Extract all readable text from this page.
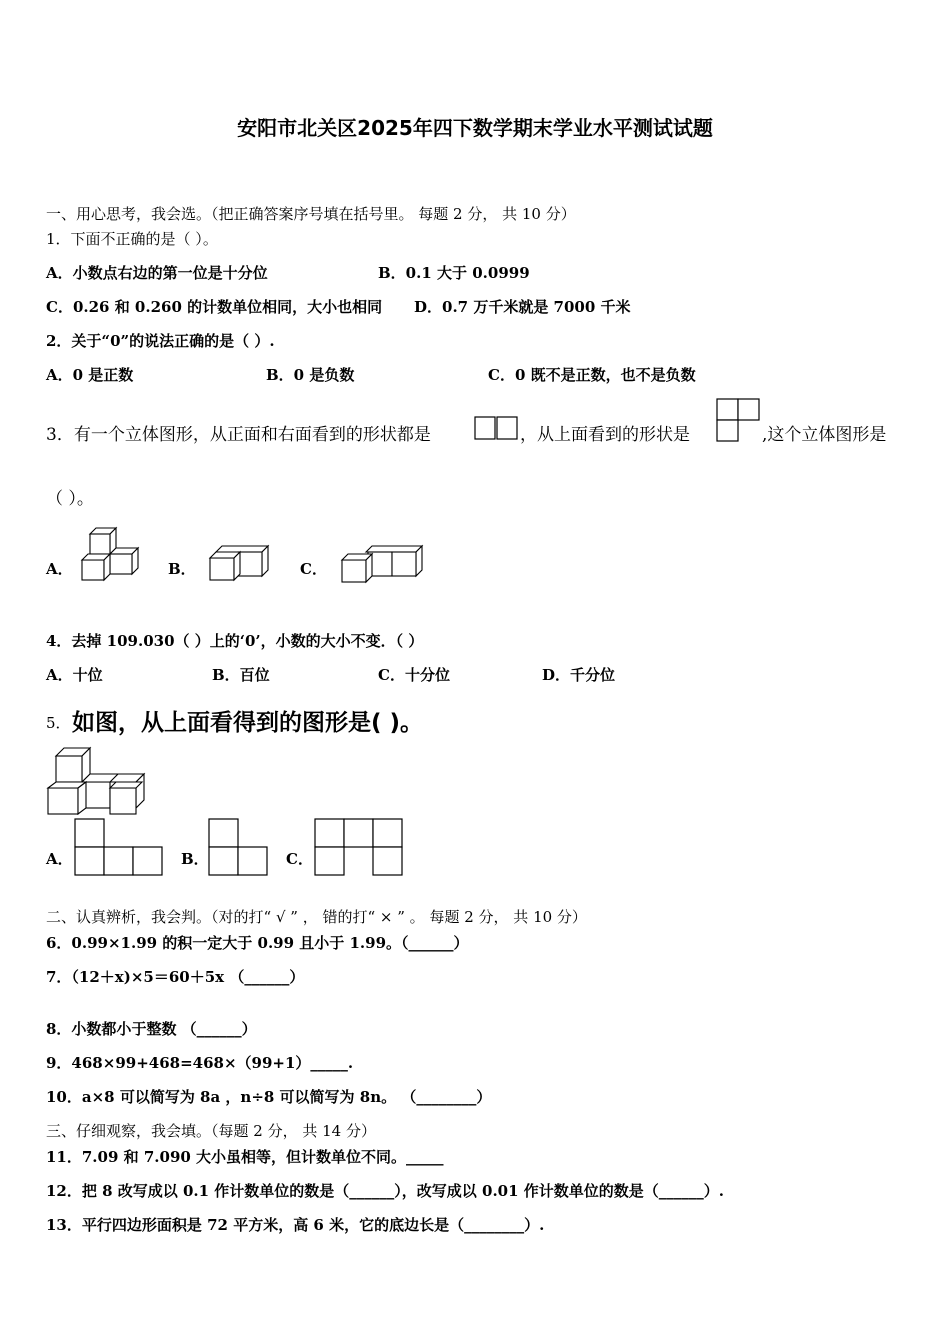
安阳市北关区2025年四下数学期末学业水平测试试题
一、用心思考，我会选。（把正确答案序号填在括号里。 每题 2 分， 共 10 分）
1．下面不正确的是（ ）。
A．小数点右边的第一位是十分位	B．0.1 大于 0.0999
C．0.26 和 0.260 的计数单位相同，大小也相同 D．0.7 万千米就是 7000 千米
2．关于“0”的说法正确的是（ ）.
A．0 是正数	B．0 是负数	C．0 既不是正数，也不是负数
3．有一个立体图形，从正面和右面看到的形状都是	，从上面看到的形状是	,这个立体图形是
（ ）。
A．	B．	C．
4．去掉 109.030（ ）上的‘0’，小数的大小不变．（ ）
A．十位	B．百位	C．十分位	D．千分位
5． 如图，从上面看得到的图形是( )。
A．	B．	C．
二、认真辨析，我会判。（对的打“ √ ” ， 错的打“ × ” 。 每题 2 分， 共 10 分）
6．0.99×1.99 的积一定大于 0.99 且小于 1.99。（______）
7．（12＋x)×5＝60＋5x （______）
8．小数都小于整数 （______）
9．468×99+468=468×（99+1）_____.
10．a×8 可以简写为 8a ，n÷8 可以简写为 8n。 （________）
三、仔细观察，我会填。（每题 2 分， 共 14 分）
11．7.09 和 7.090 大小虽相等，但计数单位不同。_____
12．把 8 改写成以 0.1 作计数单位的数是（______），改写成以 0.01 作计数单位的数是（______）.
13．平行四边形面积是 72 平方米，高 6 米，它的底边长是（________）.
